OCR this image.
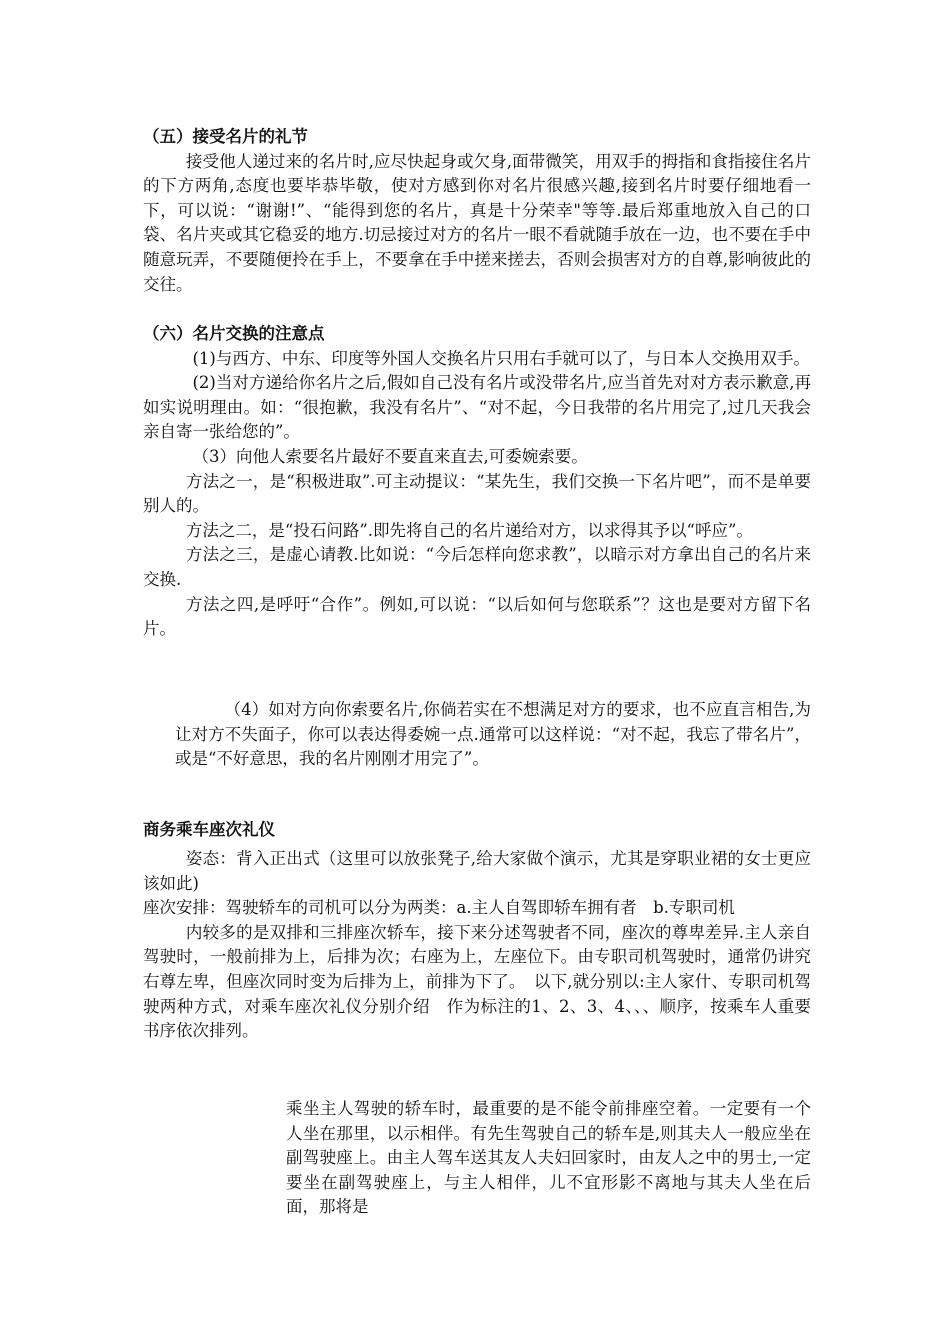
（五）接受名片的礼节

接受他人递过来的名片时,应尽快起身或欠身,面带微笑，用双手的拇指和食指接住名片的下方两角,态度也要毕恭毕敬，使对方感到你对名片很感兴趣,接到名片时要仔细地看一下，可以说：“谢谢!”、“能得到您的名片，真是十分荣幸"等等.最后郑重地放入自己的口袋、名片夹或其它稳妥的地方.切忌接过对方的名片一眼不看就随手放在一边，也不要在手中随意玩弄，不要随便拎在手上，不要拿在手中搓来搓去，否则会损害对方的自尊,影响彼此的交往。

（六）名片交换的注意点

(1)与西方、中东、印度等外国人交换名片只用右手就可以了，与日本人交换用双手。

(2)当对方递给你名片之后,假如自己没有名片或没带名片,应当首先对对方表示歉意,再如实说明理由。如：“很抱歉，我没有名片”、“对不起，今日我带的名片用完了,过几天我会亲自寄一张给您的”。

（3）向他人索要名片最好不要直来直去,可委婉索要。

方法之一，是“积极进取”.可主动提议：“某先生，我们交换一下名片吧”，而不是单要别人的。

方法之二，是“投石问路”.即先将自己的名片递给对方，以求得其予以“呼应”。

方法之三，是虚心请教.比如说：“今后怎样向您求教”，以暗示对方拿出自己的名片来交换.

方法之四,是呼吁“合作”。例如,可以说：“以后如何与您联系”？这也是要对方留下名片。

（4）如对方向你索要名片,你倘若实在不想满足对方的要求，也不应直言相告,为让对方不失面子，你可以表达得委婉一点.通常可以这样说：“对不起，我忘了带名片”，或是“不好意思，我的名片刚刚才用完了”。

商务乘车座次礼仪

姿态：背入正出式（这里可以放张凳子,给大家做个演示，尤其是穿职业裙的女士更应该如此)

座次安排：驾驶轿车的司机可以分为两类：a.主人自驾即轿车拥有者　b.专职司机

内较多的是双排和三排座次轿车，接下来分述驾驶者不同，座次的尊卑差异.主人亲自驾驶时，一般前排为上，后排为次；右座为上，左座位下。由专职司机驾驶时，通常仍讲究右尊左卑，但座次同时变为后排为上，前排为下了。　以下,就分别以:主人家什、专职司机驾驶两种方式，对乘车座次礼仪分别介绍　作为标注的1、2、3、4、、、顺序，按乘车人重要书序依次排列。

乘坐主人驾驶的轿车时，最重要的是不能令前排座空着。一定要有一个人坐在那里，以示相伴。有先生驾驶自己的轿车是,则其夫人一般应坐在副驾驶座上。由主人驾车送其友人夫妇回家时，由友人之中的男士,一定要坐在副驾驶座上，与主人相伴，儿不宜形影不离地与其夫人坐在后面，那将是
